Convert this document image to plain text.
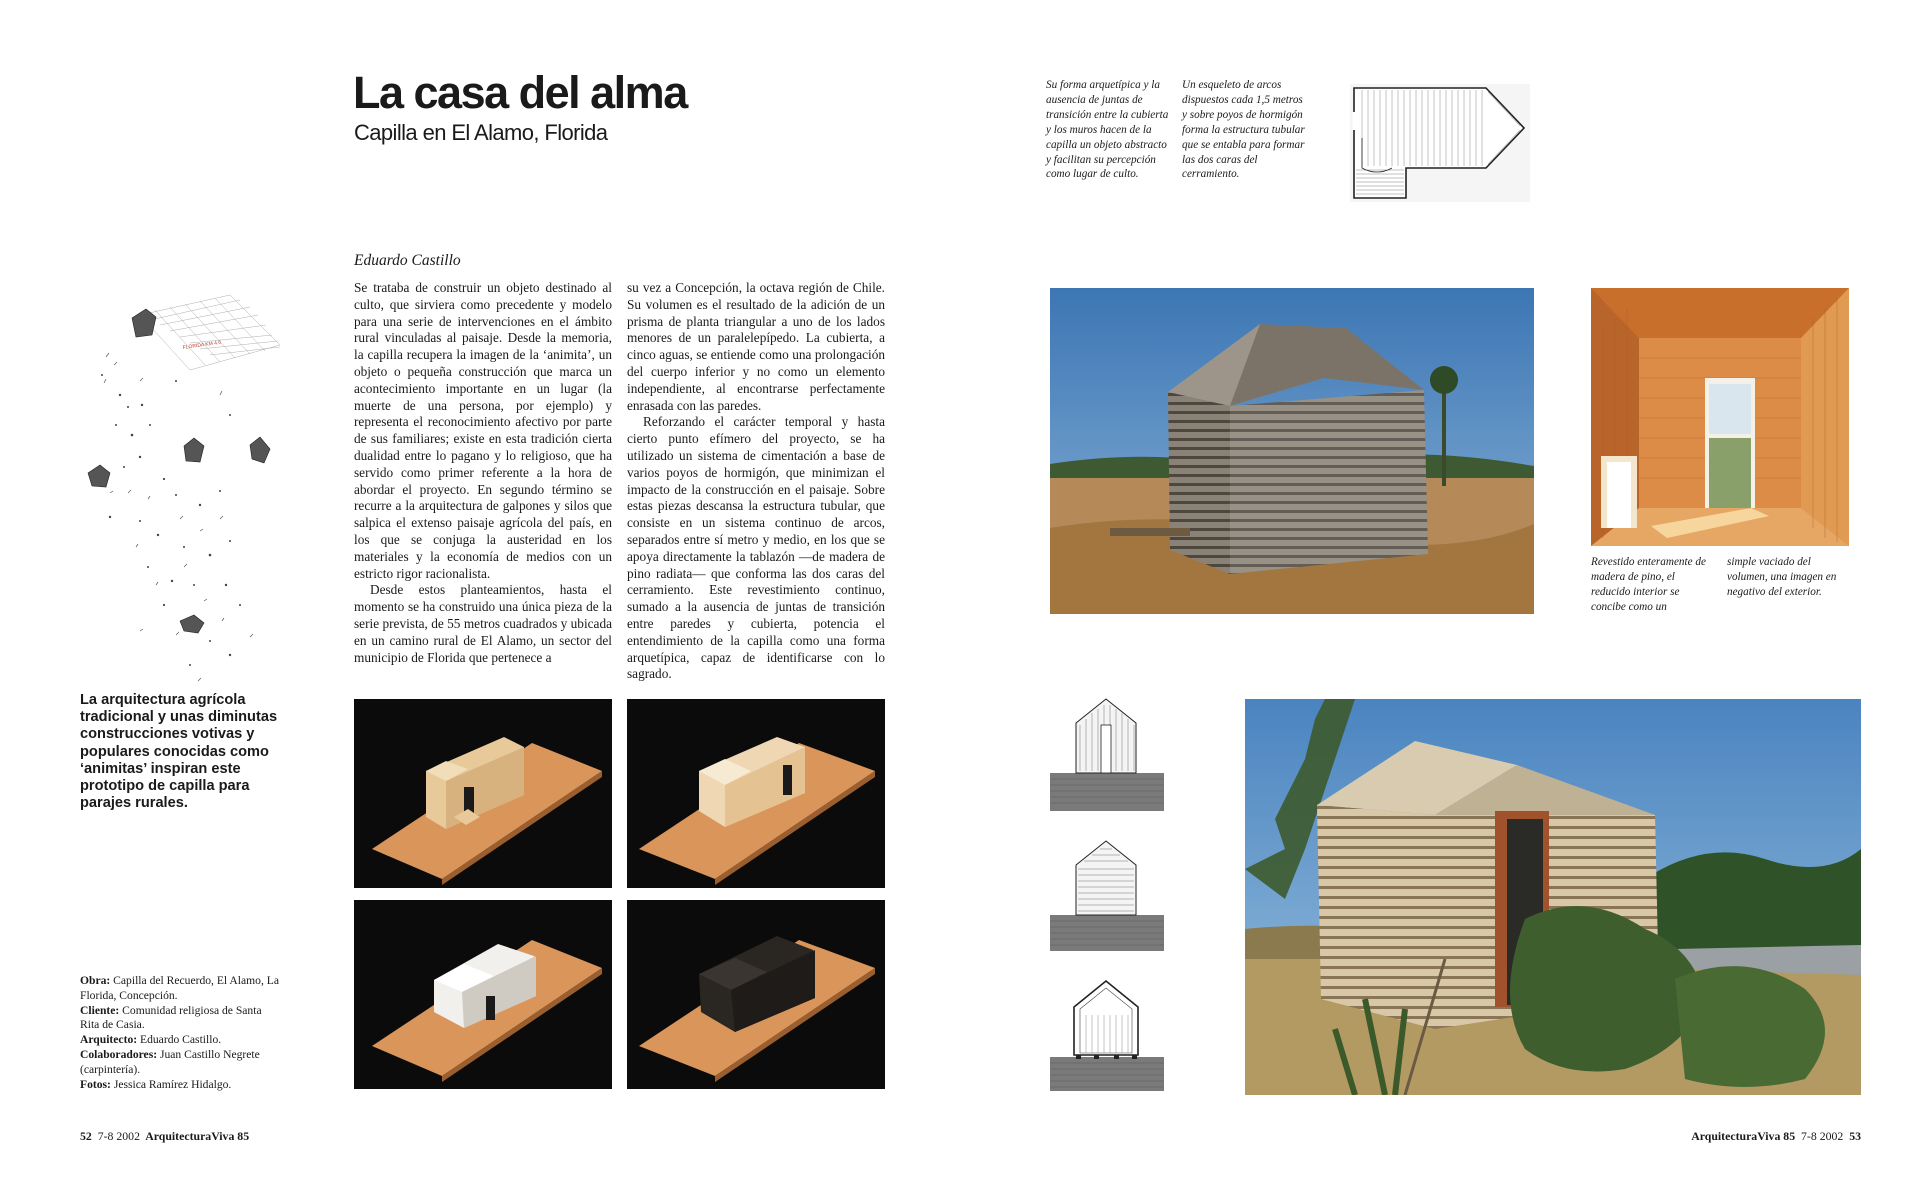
FLORIDA KM 4.6
La arquitectura agrícola tradicional y unas diminutas construcciones votivas y populares conocidas como ‘animitas’ inspiran este prototipo de capilla para parajes rurales.
Obra: Capilla del Recuerdo, El Alamo, La Florida, Concepción.
Cliente: Comunidad religiosa de Santa Rita de Casia.
Arquitecto: Eduardo Castillo.
Colaboradores: Juan Castillo Negrete (carpintería).
Fotos: Jessica Ramírez Hidalgo.
La casa del alma
Capilla en El Alamo, Florida
Eduardo Castillo

Se trataba de construir un objeto destinado al culto, que sirviera como precedente y modelo para una serie de intervenciones en el ámbito rural vinculadas al paisaje. Desde la memoria, la capilla recupera la imagen de la ‘animita’, un objeto o pequeña construcción que marca un acontecimiento importante en un lugar (la muerte de una persona, por ejemplo) y representa el reconocimiento afectivo por parte de sus familiares; existe en esta tradición cierta dualidad entre lo pagano y lo religioso, que ha servido como primer referente a la hora de abordar el proyecto. En segundo término se recurre a la arquitectura de galpones y silos que salpica el extenso paisaje agrícola del país, en los que se conjuga la austeridad en los materiales y la economía de medios con un estricto rigor racionalista.

Desde estos planteamientos, hasta el momento se ha construido una única pieza de la serie prevista, de 55 metros cuadrados y ubicada en un camino rural de El Alamo, un sector del municipio de Florida que pertenece a

su vez a Concepción, la octava región de Chile. Su volumen es el resultado de la adición de un prisma de planta triangular a uno de los lados menores de un paralelepípedo. La cubierta, a cinco aguas, se entiende como una prolongación del cuerpo inferior y no como un elemento independiente, al encontrarse perfectamente enrasada con las paredes.

Reforzando el carácter temporal y hasta cierto punto efímero del proyecto, se ha utilizado un sistema de cimentación a base de varios poyos de hormigón, que minimizan el impacto de la construcción en el paisaje. Sobre estas piezas descansa la estructura tubular, que consiste en un sistema continuo de arcos, separados entre sí metro y medio, en los que se apoya directamente la tablazón —de madera de pino radiata— que conforma las dos caras del cerramiento. Este revestimiento continuo, sumado a la ausencia de juntas de transición entre paredes y cubierta, potencia el entendimiento de la capilla como una forma arquetípica, capaz de identificarse con lo sagrado.

52 7-8 2002 ArquitecturaViva 85
Su forma arquetípica y la ausencia de juntas de transición entre la cubierta y los muros hacen de la capilla un objeto abstracto y facilitan su percepción como lugar de culto.
Un esqueleto de arcos dispuestos cada 1,5 metros y sobre poyos de hormigón forma la estructura tubular que se entabla para formar las dos caras del cerramiento.
Revestido enteramente de madera de pino, el reducido interior se concibe como un
simple vaciado del volumen, una imagen en negativo del exterior.
ArquitecturaViva 85 7-8 2002 53
